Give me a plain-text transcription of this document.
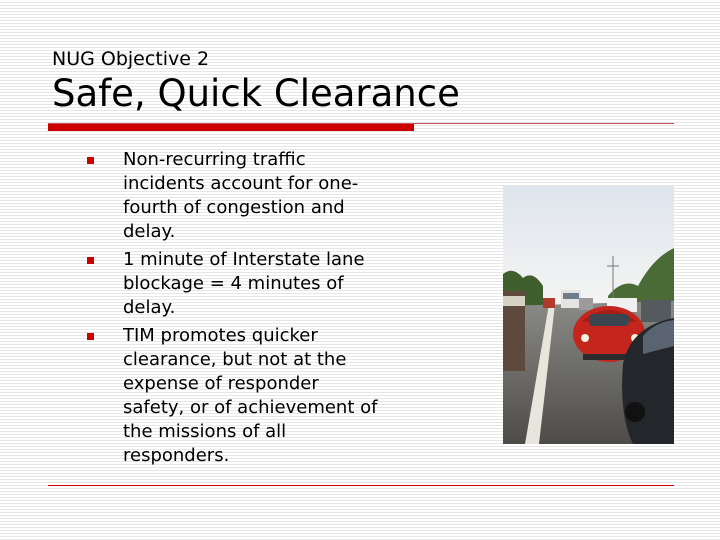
NUG Objective 2
Safe, Quick Clearance
Non-recurring traffic incidents account for one-fourth of congestion and delay.
1 minute of Interstate lane blockage = 4 minutes of delay.
TIM promotes quicker clearance, but not at the expense of responder safety, or of achievement of the missions of all responders.
